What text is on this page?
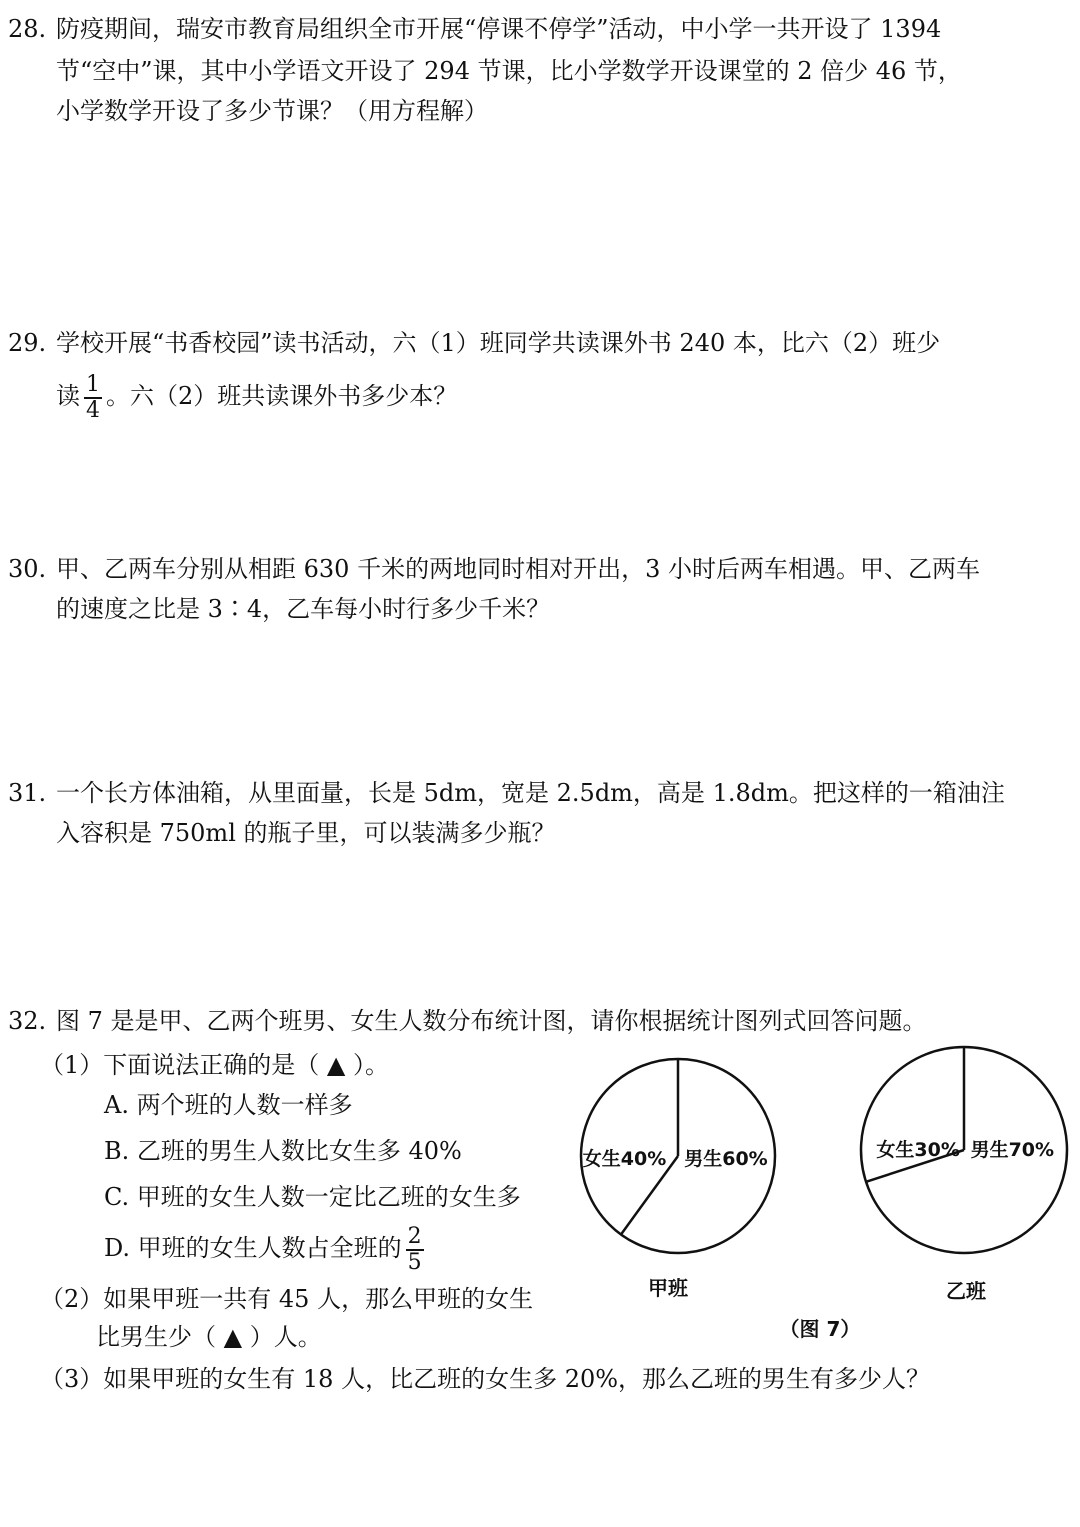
28. 防疫期间，瑞安市教育局组织全市开展“停课不停学”活动，中小学一共开设了 1394
节“空中”课，其中小学语文开设了 294 节课，比小学数学开设课堂的 2 倍少 46 节，
小学数学开设了多少节课？（用方程解）
29. 学校开展“书香校园”读书活动，六（1）班同学共读课外书 240 本，比六（2）班少
读 $\frac{1}{4}$ 。六（2）班共读课外书多少本？
30. 甲、乙两车分别从相距 630 千米的两地同时相对开出，3 小时后两车相遇。甲、乙两车
的速度之比是 3∶4，乙车每小时行多少千米？
31. 一个长方体油箱，从里面量，长是 5dm，宽是 2.5dm，高是 1.8dm。把这样的一箱油注
入容积是 750ml 的瓶子里，可以装满多少瓶？
32. 图 7 是是甲、乙两个班男、女生人数分布统计图，请你根据统计图列式回答问题。
（1）下面说法正确的是（ ▲ ）。
A. 两个班的人数一样多
B. 乙班的男生人数比女生多 40%
C. 甲班的女生人数一定比乙班的女生多
D. 甲班的女生人数占全班的 $\frac{2}{5}$
（2）如果甲班一共有 45 人，那么甲班的女生
比男生少（ ▲ ）人。
（3）如果甲班的女生有 18 人，比乙班的女生多 20%，那么乙班的男生有多少人？
女生40% 男生60%	女生30% 男生70%
甲班	乙班
（图 7）
